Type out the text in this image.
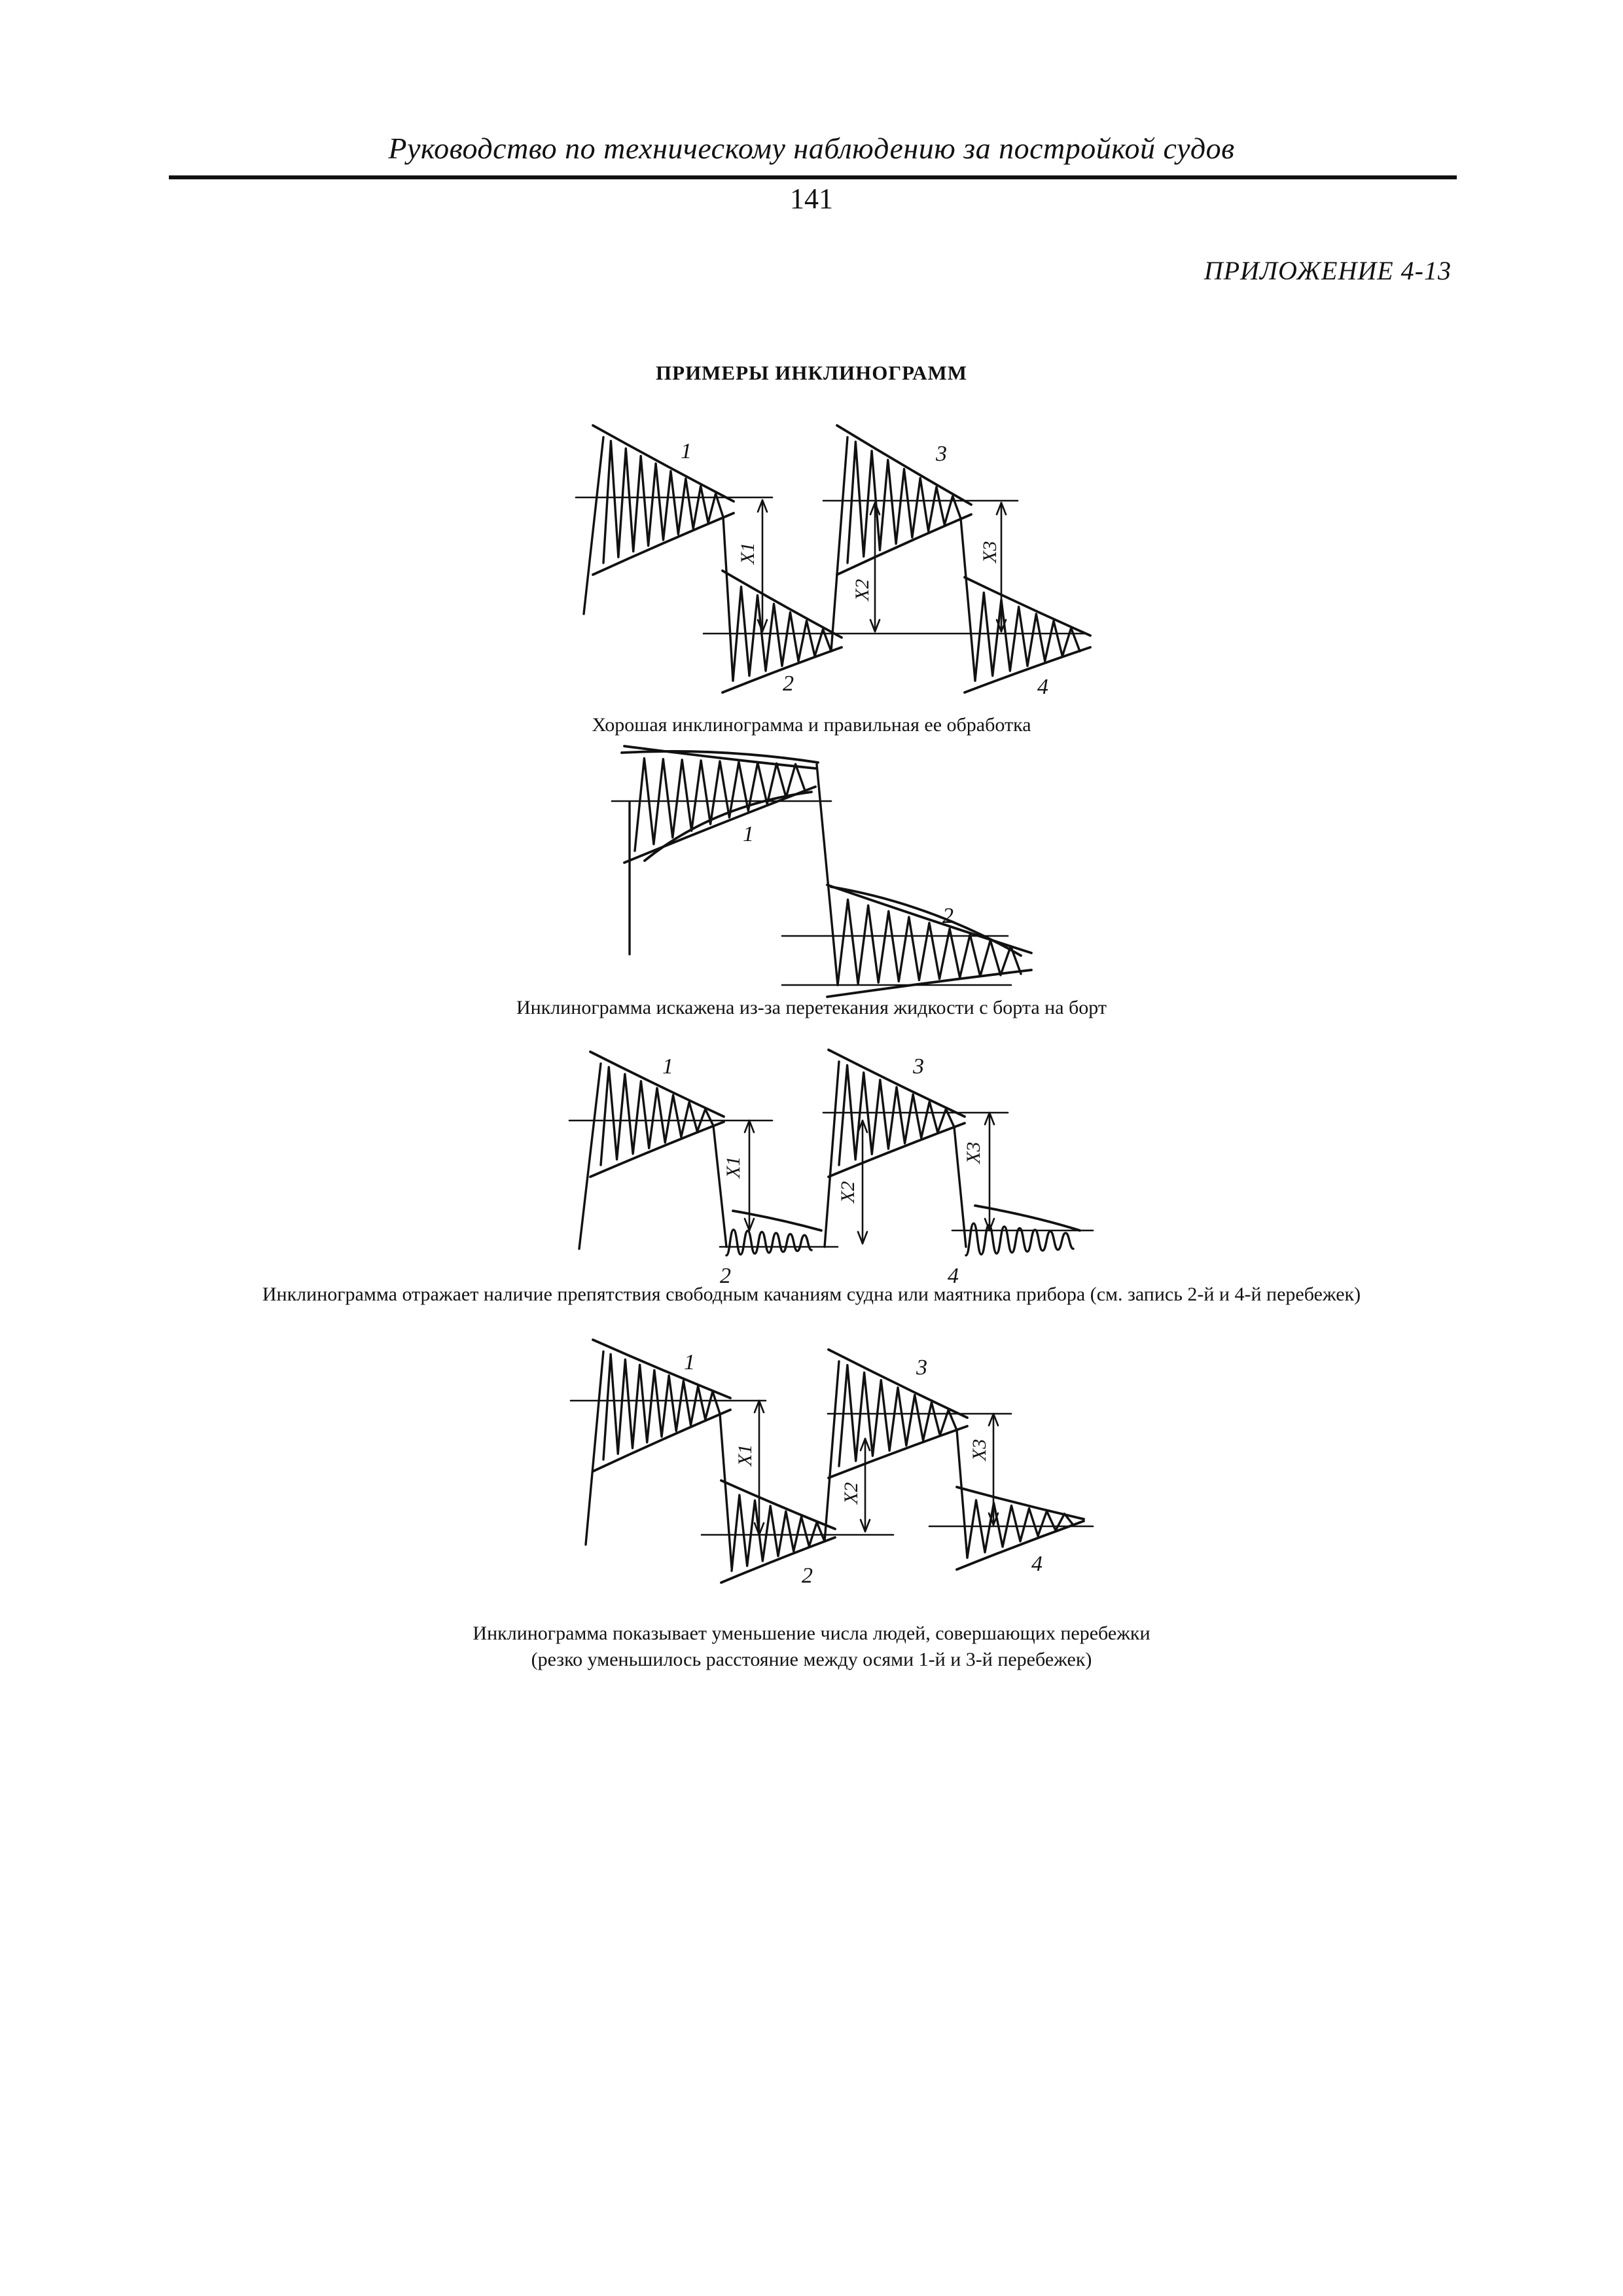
Руководство по техническому наблюдению за постройкой судов
141
ПРИЛОЖЕНИЕ 4-13
ПРИМЕРЫ ИНКЛИНОГРАММ
1
2
3
4
X1
X2
X3
Хорошая инклинограмма и правильная ее обработка
1
2
Инклинограмма искажена из-за перетекания жидкости с борта на борт
1
2
3
4
X1
X2
X3
Инклинограмма отражает наличие препятствия свободным качаниям судна или маятника прибора (см. запись 2-й и 4-й перебежек)
1
2
3
4
X1
X2
X3
Инклинограмма показывает уменьшение числа людей, совершающих перебежки
(резко уменьшилось расстояние между осями 1-й и 3-й перебежек)
